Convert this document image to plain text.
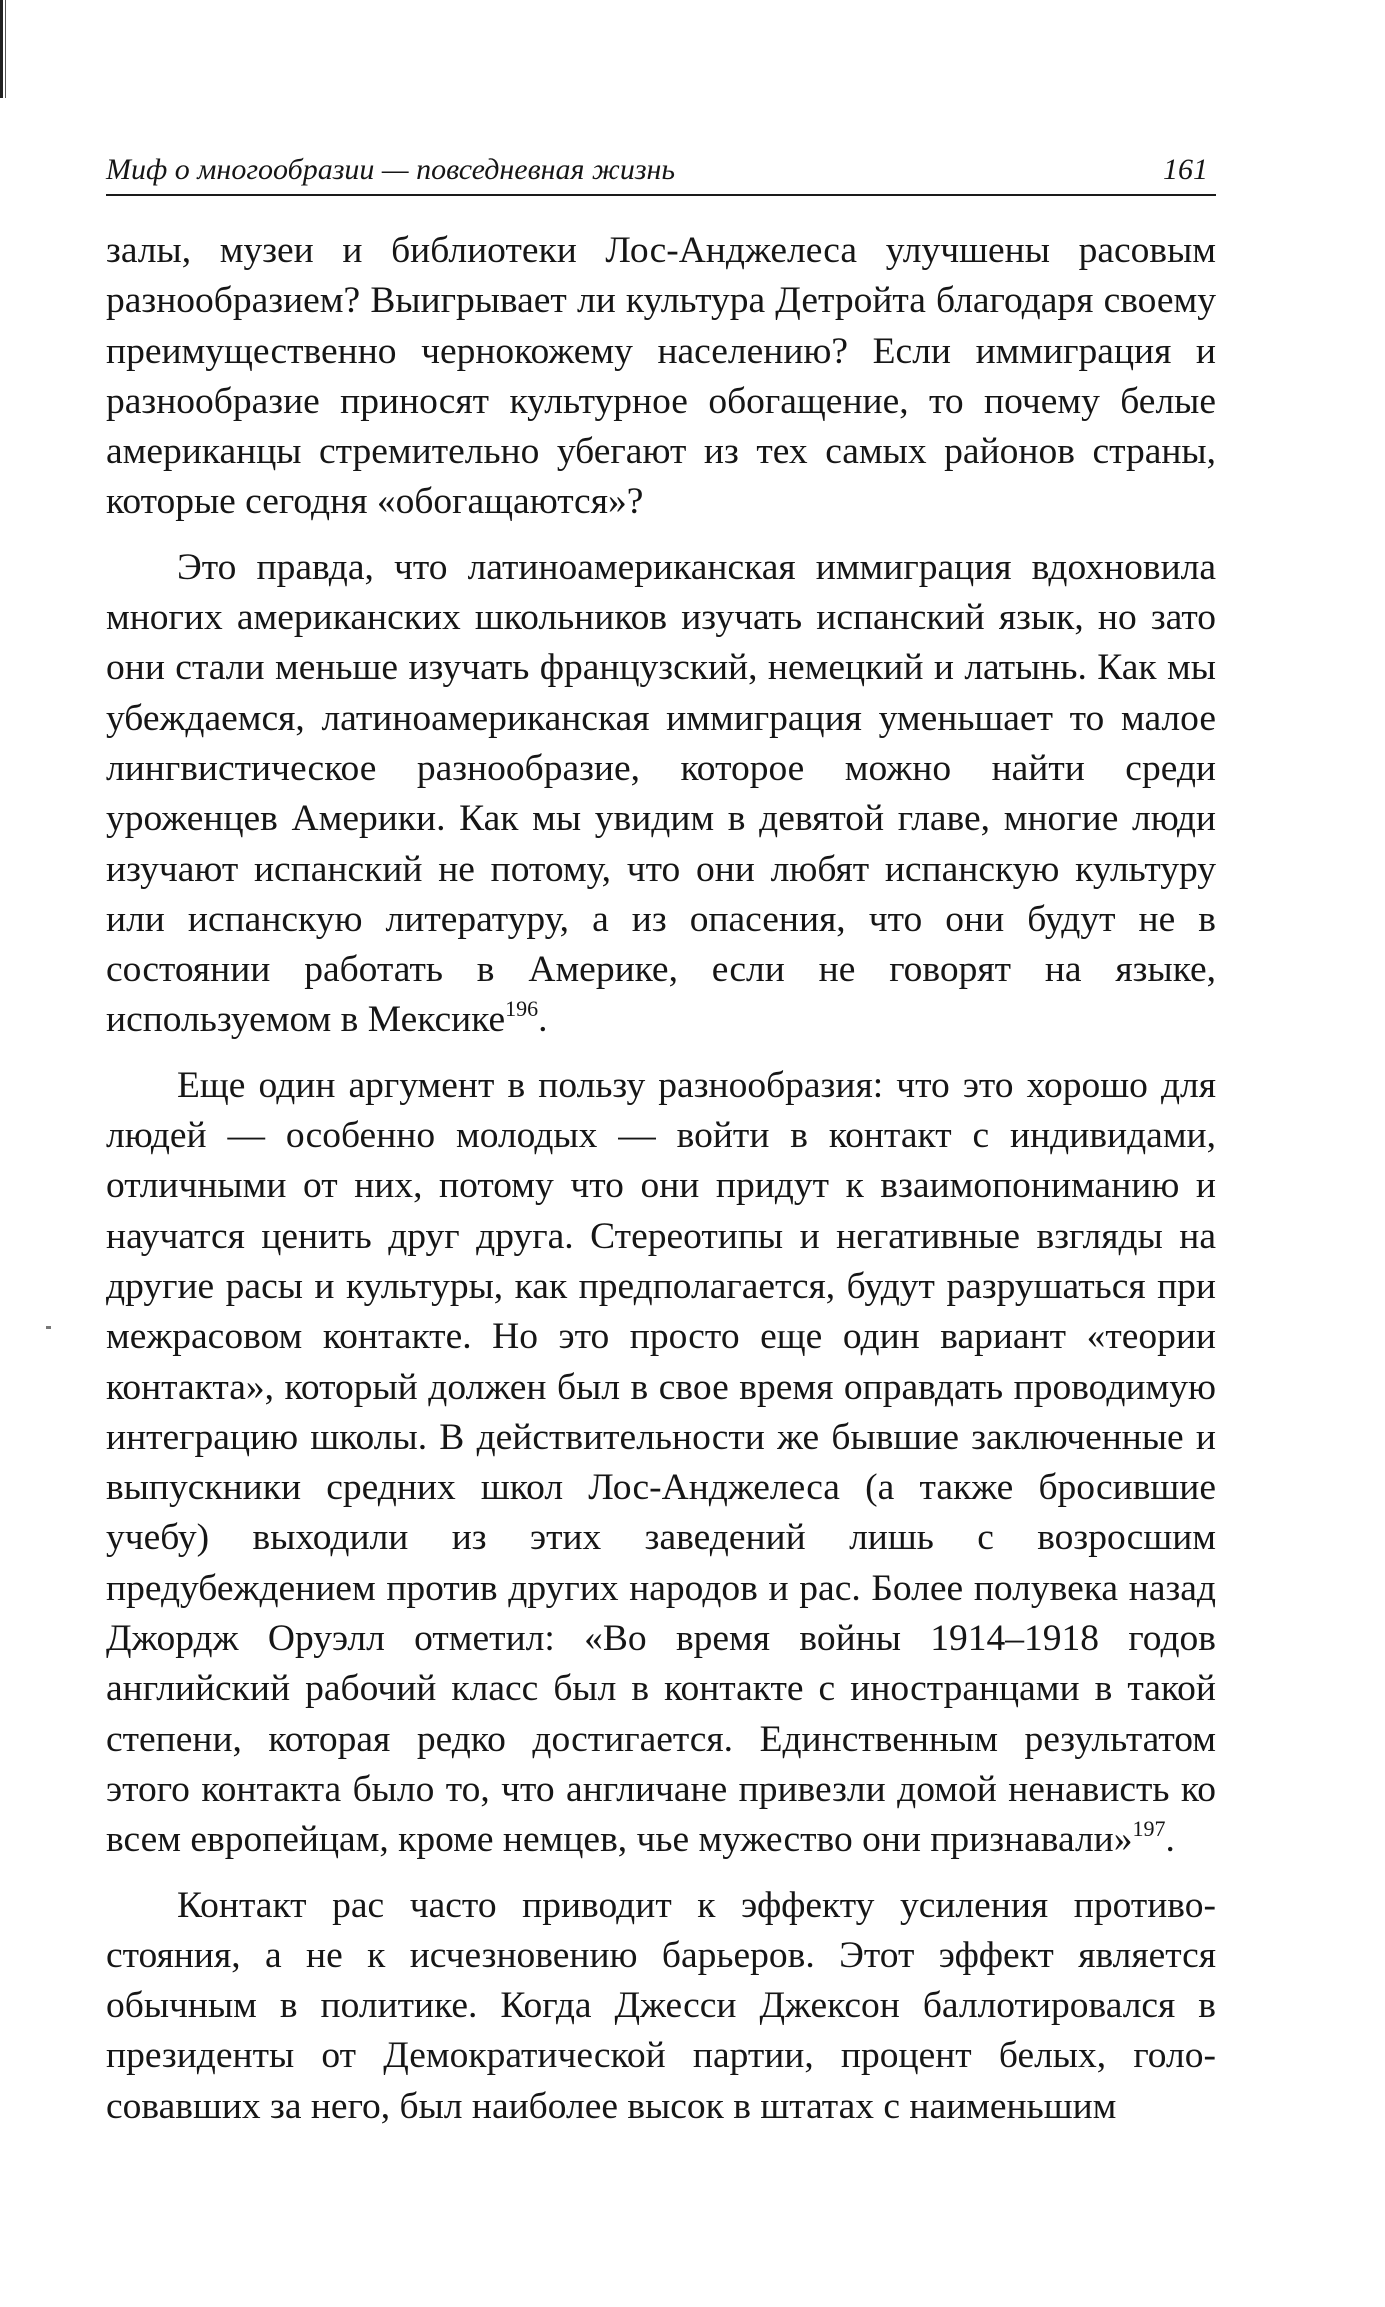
Миф о многообразии — повседневная жизнь	161

залы, музеи и библиотеки Лос-Анджелеса улучшены расовым разнообразием? Выигрывает ли культура Детройта благодаря своему преимущественно чернокожему населению? Если иммиграция и разнообразие приносят культурное обогащение, то почему белые американцы стремительно убегают из тех самых районов страны, которые сегодня «обогащаются»?

Это правда, что латиноамериканская иммиграция вдохновила многих американских школьников изучать испанский язык, но зато они стали меньше изучать французский, немецкий и латынь. Как мы убеждаемся, латиноамериканская иммиграция уменьшает то малое лингвистическое разнообразие, которое можно найти среди уроженцев Америки. Как мы увидим в девятой главе, многие люди изучают испанский не потому, что они любят испанскую культуру или испанскую литературу, а из опасения, что они будут не в состоянии работать в Америке, если не говорят на языке, используемом в Мексике$^{196}$.

Еще один аргумент в пользу разнообразия: что это хорошо для людей — особенно молодых — войти в контакт с индивидами, отличными от них, потому что они придут к взаимопониманию и научатся ценить друг друга. Стереотипы и негативные взгляды на другие расы и культуры, как предполагается, будут разрушаться при межрасовом контакте. Но это просто еще один вариант «теории контакта», который должен был в свое время оправдать проводимую интеграцию школы. В действительности же бывшие заключенные и выпускники средних школ Лос-Анджелеса (а также бросившие учебу) выходили из этих заведений лишь с возросшим предубеждением против других народов и рас. Более полувека назад Джордж Оруэлл отметил: «Во время войны 1914–1918 годов английский рабочий класс был в контакте с иностранцами в такой степени, которая редко достигается. Единственным результатом этого контакта было то, что англичане привезли домой ненависть ко всем европейцам, кроме немцев, чье мужество они признавали»$^{197}$.

Контакт рас часто приводит к эффекту усиления противостояния, а не к исчезновению барьеров. Этот эффект является обычным в политике. Когда Джесси Джексон баллотировался в президенты от Демократической партии, процент белых, голосовавших за него, был наиболее высок в штатах с наименьшим
